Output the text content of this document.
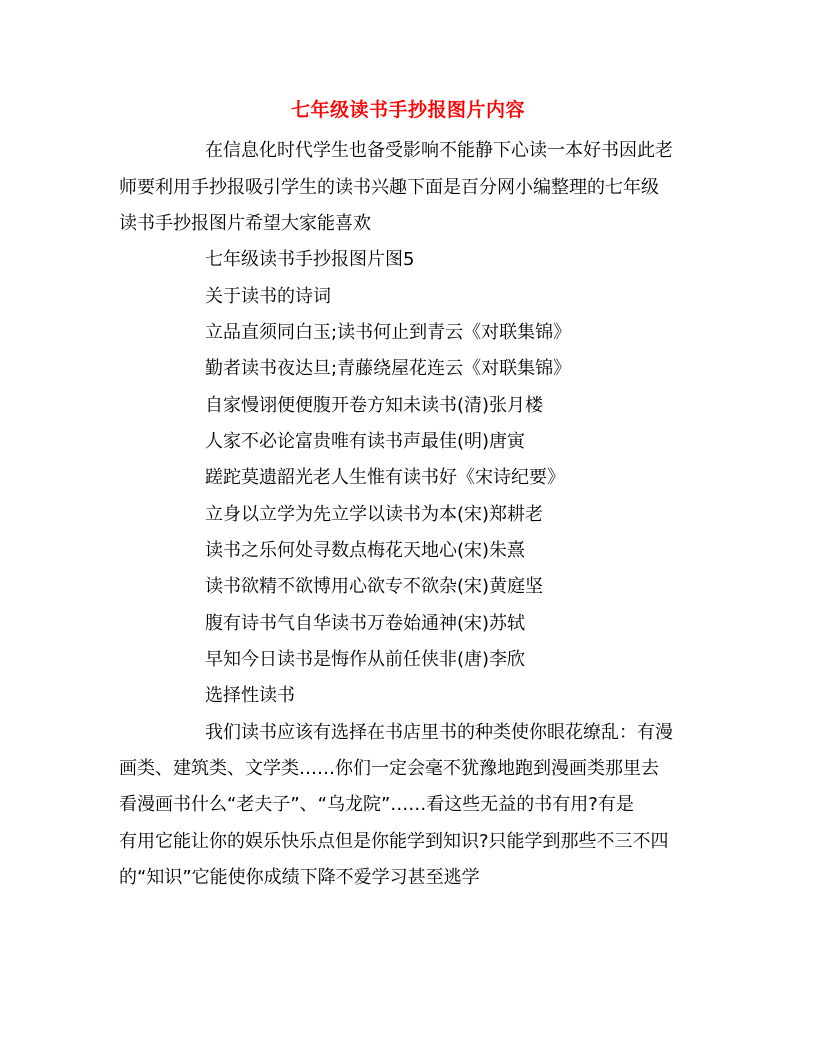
七年级读书手抄报图片内容
在信息化时代学生也备受影响不能静下心读一本好书因此老
师要利用手抄报吸引学生的读书兴趣下面是百分网小编整理的七年级
读书手抄报图片希望大家能喜欢
七年级读书手抄报图片图5
关于读书的诗词
立品直须同白玉;读书何止到青云《对联集锦》
勤者读书夜达旦;青藤绕屋花连云《对联集锦》
自家慢诩便便腹开卷方知未读书(清)张月楼
人家不必论富贵唯有读书声最佳(明)唐寅
蹉跎莫遗韶光老人生惟有读书好《宋诗纪要》
立身以立学为先立学以读书为本(宋)郑耕老
读书之乐何处寻数点梅花天地心(宋)朱熹
读书欲精不欲博用心欲专不欲杂(宋)黄庭坚
腹有诗书气自华读书万卷始通神(宋)苏轼
早知今日读书是悔作从前任侠非(唐)李欣
选择性读书
我们读书应该有选择在书店里书的种类使你眼花缭乱：有漫
画类、建筑类、文学类……你们一定会毫不犹豫地跑到漫画类那里去
看漫画书什么“老夫子”、“乌龙院”……看这些无益的书有用?有是
有用它能让你的娱乐快乐点但是你能学到知识?只能学到那些不三不四
的“知识”它能使你成绩下降不爱学习甚至逃学
